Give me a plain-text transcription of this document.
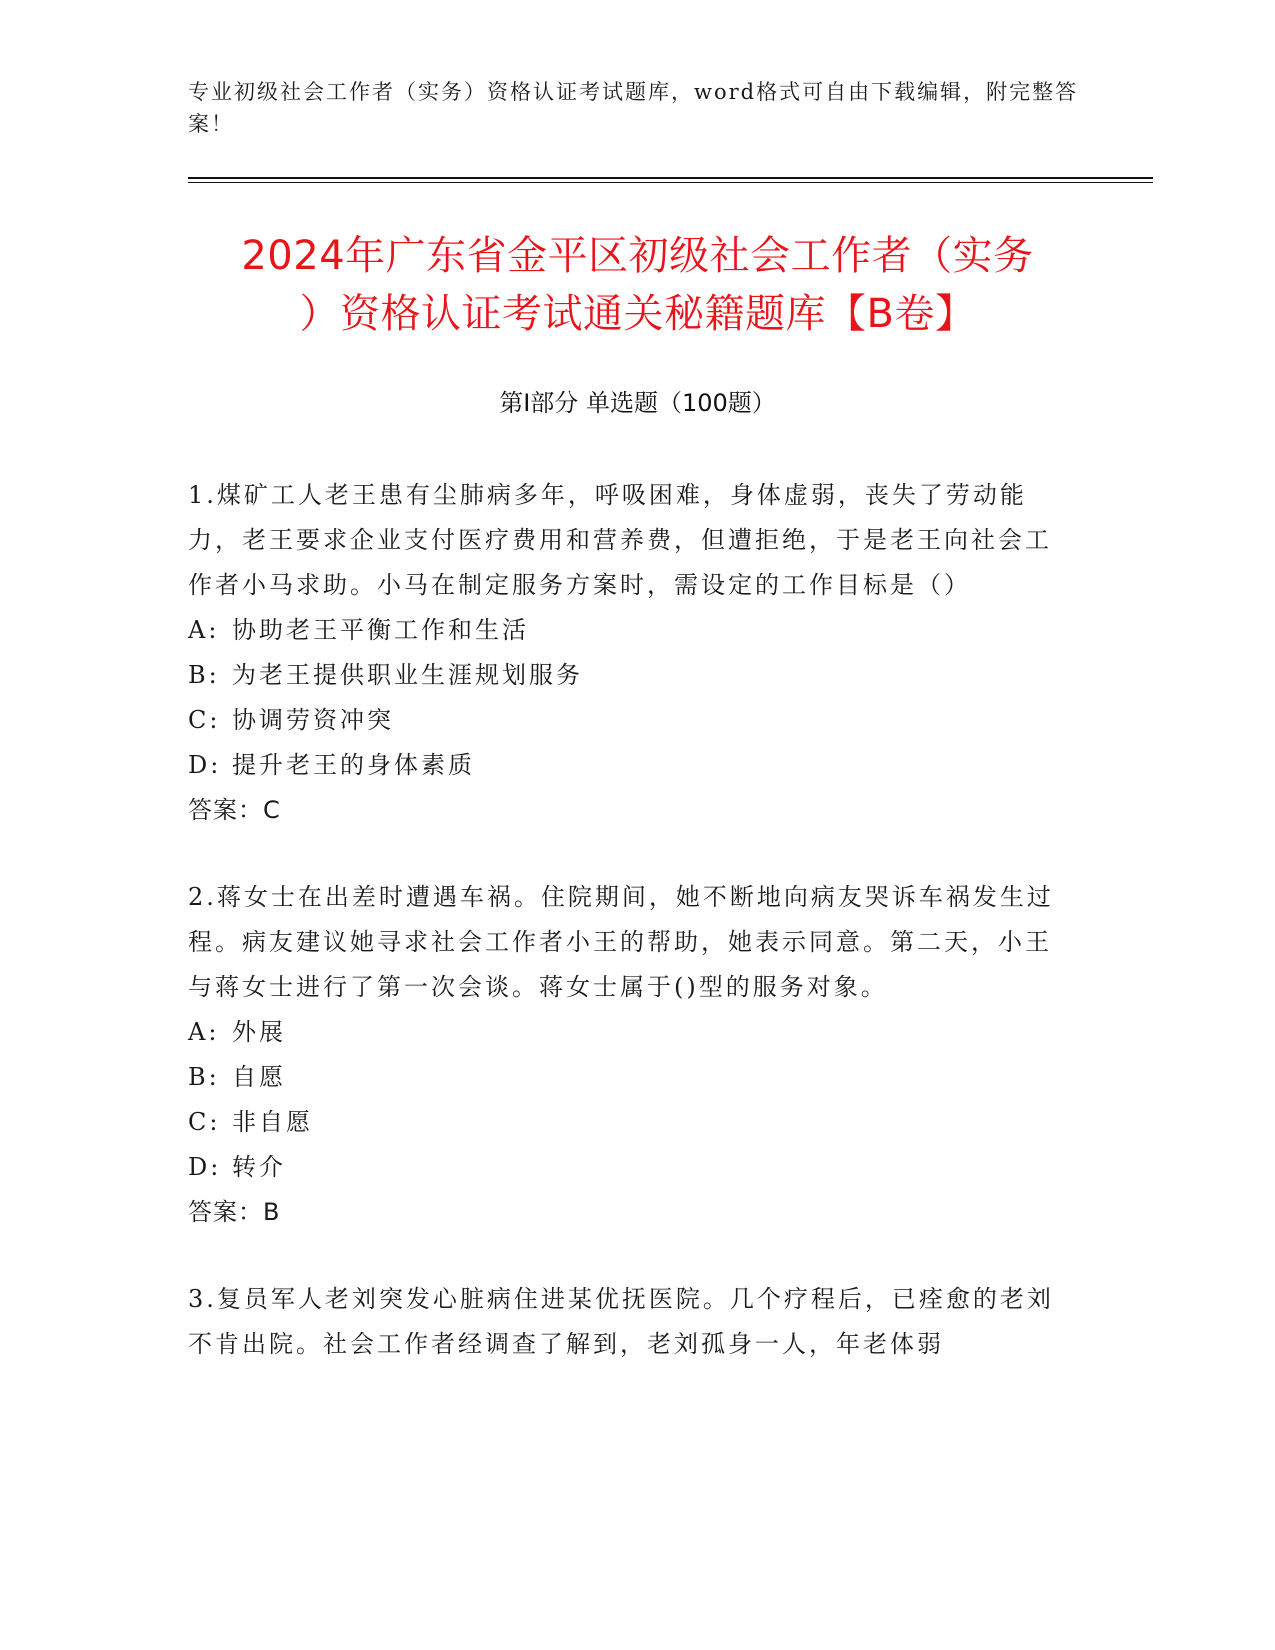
专业初级社会工作者（实务）资格认证考试题库，word格式可自由下载编辑，附完整答案！
2024年广东省金平区初级社会工作者（实务
）资格认证考试通关秘籍题库【B卷】
第Ⅰ部分 单选题（100题）

1.煤矿工人老王患有尘肺病多年，呼吸困难，身体虚弱，丧失了劳动能力，老王要求企业支付医疗费用和营养费，但遭拒绝，于是老王向社会工作者小马求助。小马在制定服务方案时，需设定的工作目标是（）

A: 协助老王平衡工作和生活

B: 为老王提供职业生涯规划服务

C: 协调劳资冲突

D: 提升老王的身体素质

答案：C

2.蒋女士在出差时遭遇车祸。住院期间，她不断地向病友哭诉车祸发生过程。病友建议她寻求社会工作者小王的帮助，她表示同意。第二天，小王与蒋女士进行了第一次会谈。蒋女士属于()型的服务对象。

A: 外展

B: 自愿

C: 非自愿

D: 转介

答案：B

3.复员军人老刘突发心脏病住进某优抚医院。几个疗程后，已痊愈的老刘不肯出院。社会工作者经调查了解到，老刘孤身一人，年老体弱
